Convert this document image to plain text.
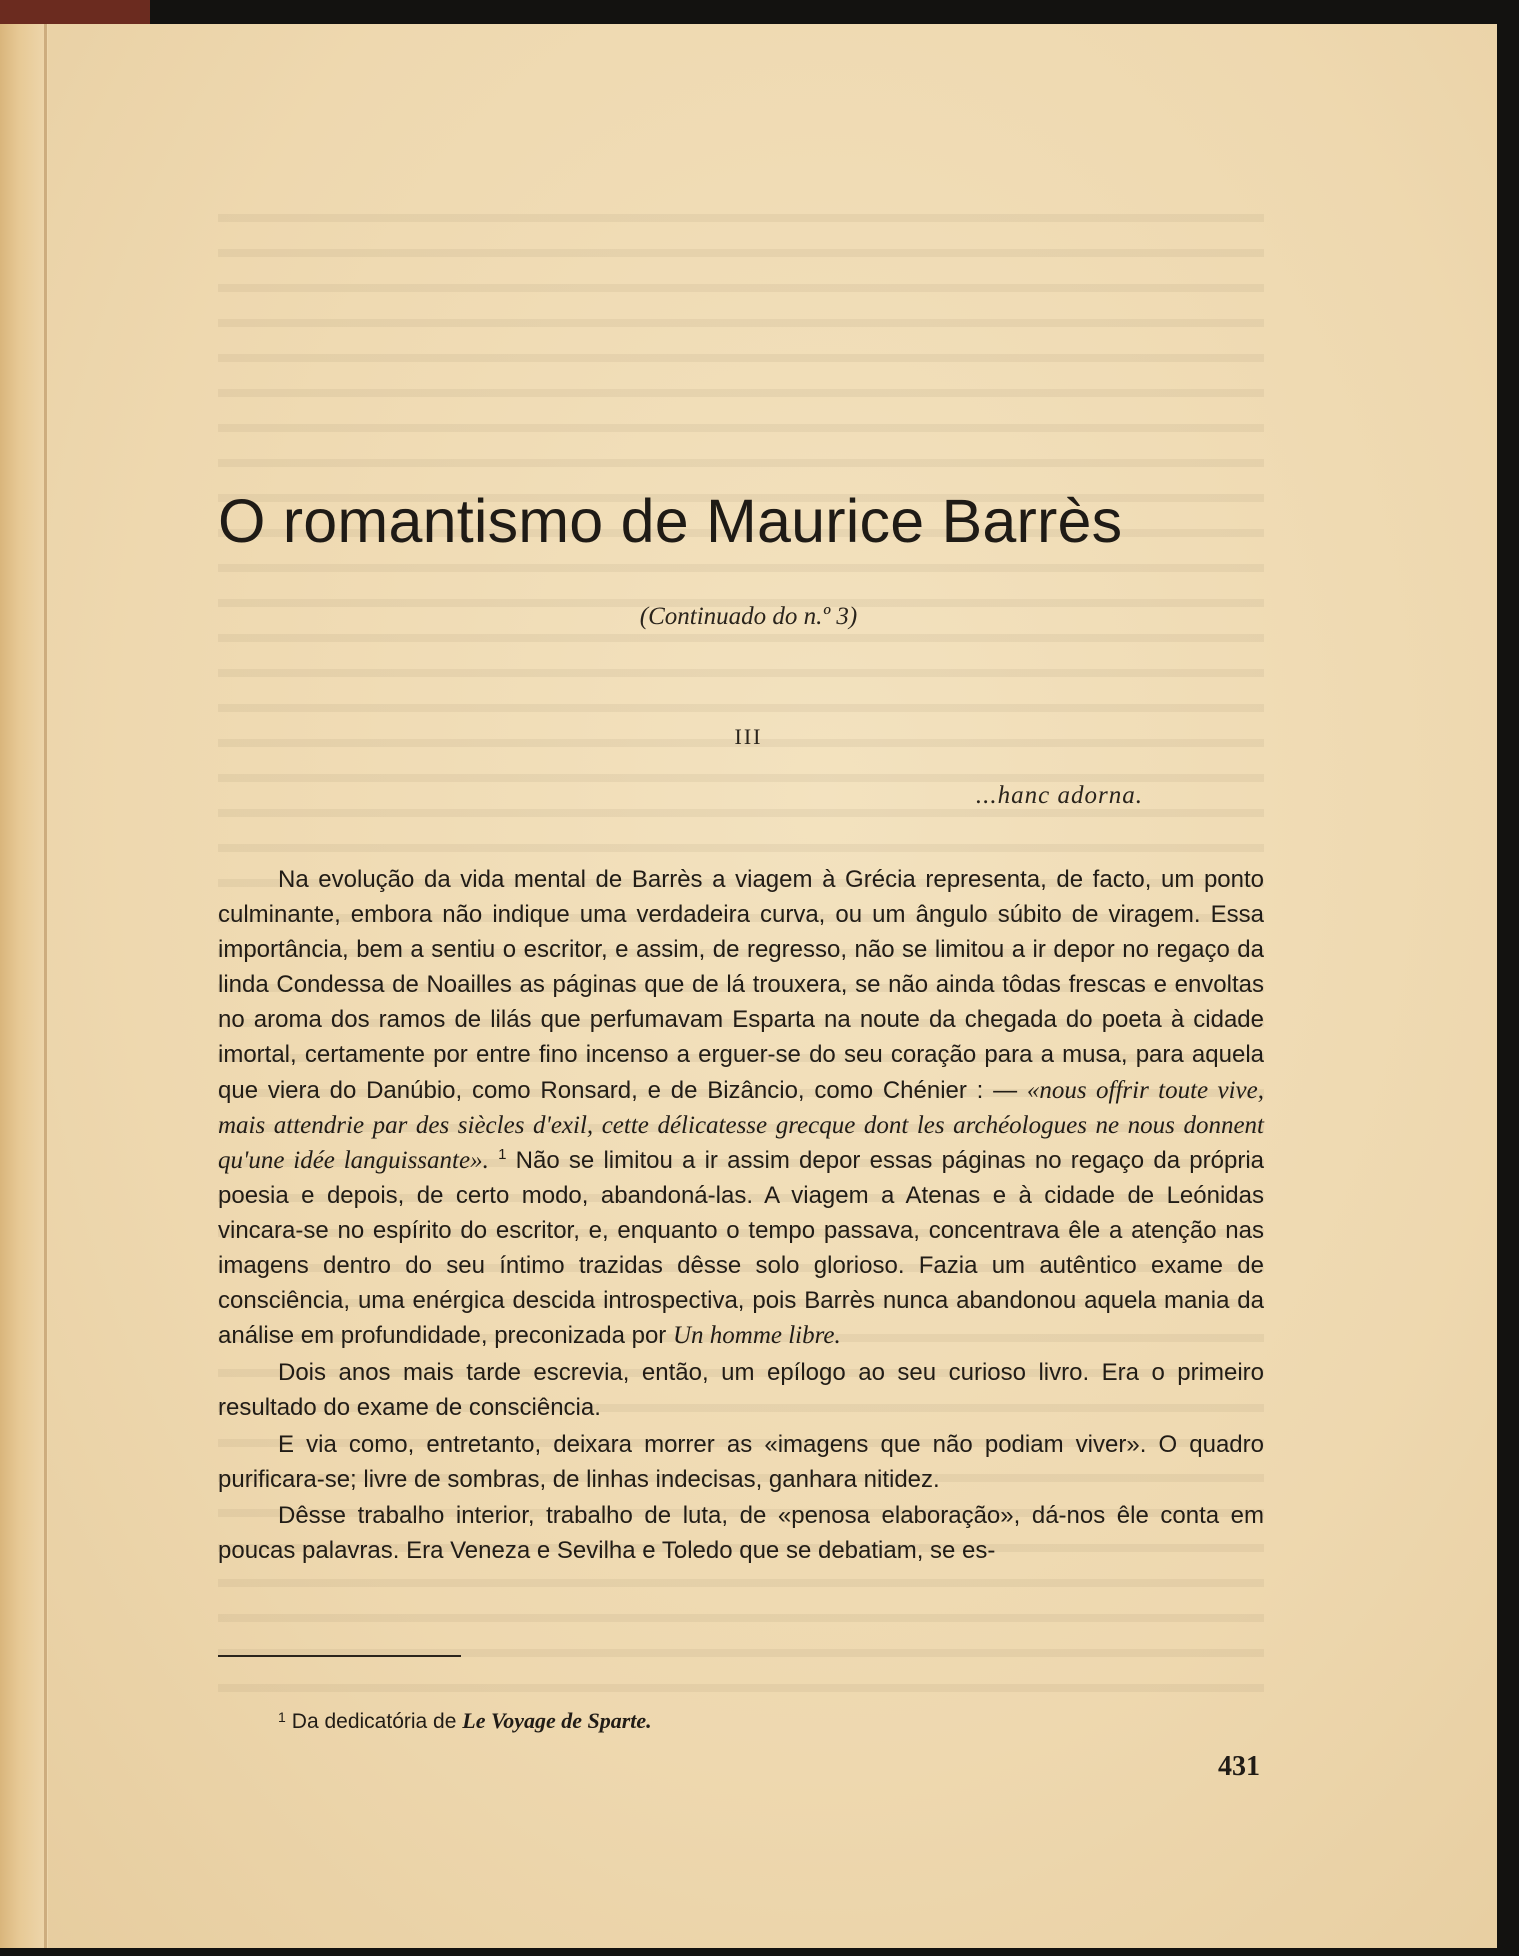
O romantismo de Maurice Barrès
(Continuado do n.º 3)
III
...hanc adorna.

Na evolução da vida mental de Barrès a viagem à Grécia representa, de facto, um ponto culminante, embora não indique uma verdadeira curva, ou um ângulo súbito de viragem. Essa importância, bem a sentiu o escritor, e assim, de regresso, não se limitou a ir depor no regaço da linda Condessa de Noailles as páginas que de lá trouxera, se não ainda tôdas frescas e envoltas no aroma dos ramos de lilás que perfumavam Esparta na noute da chegada do poeta à cidade imortal, certamente por entre fino incenso a erguer-se do seu coração para a musa, para aquela que viera do Danúbio, como Ronsard, e de Bizâncio, como Chénier : — «nous offrir toute vive, mais attendrie par des siècles d'exil, cette délicatesse grecque dont les archéologues ne nous donnent qu'une idée languissante». $^1$ Não se limitou a ir assim depor essas páginas no regaço da própria poesia e depois, de certo modo, abandoná-las. A viagem a Atenas e à cidade de Leónidas vincara-se no espírito do escritor, e, enquanto o tempo passava, concentrava êle a atenção nas imagens dentro do seu íntimo trazidas dêsse solo glorioso. Fazia um autêntico exame de consciência, uma enérgica descida introspectiva, pois Barrès nunca abandonou aquela mania da análise em profundidade, preconizada por Un homme libre.

Dois anos mais tarde escrevia, então, um epílogo ao seu curioso livro. Era o primeiro resultado do exame de consciência.

E via como, entretanto, deixara morrer as «imagens que não podiam viver». O quadro purificara-se; livre de sombras, de linhas indecisas, ganhara nitidez.

Dêsse trabalho interior, trabalho de luta, de «penosa elaboração», dá-nos êle conta em poucas palavras. Era Veneza e Sevilha e Toledo que se debatiam, se es-

$^1$ Da dedicatória de Le Voyage de Sparte.
431
